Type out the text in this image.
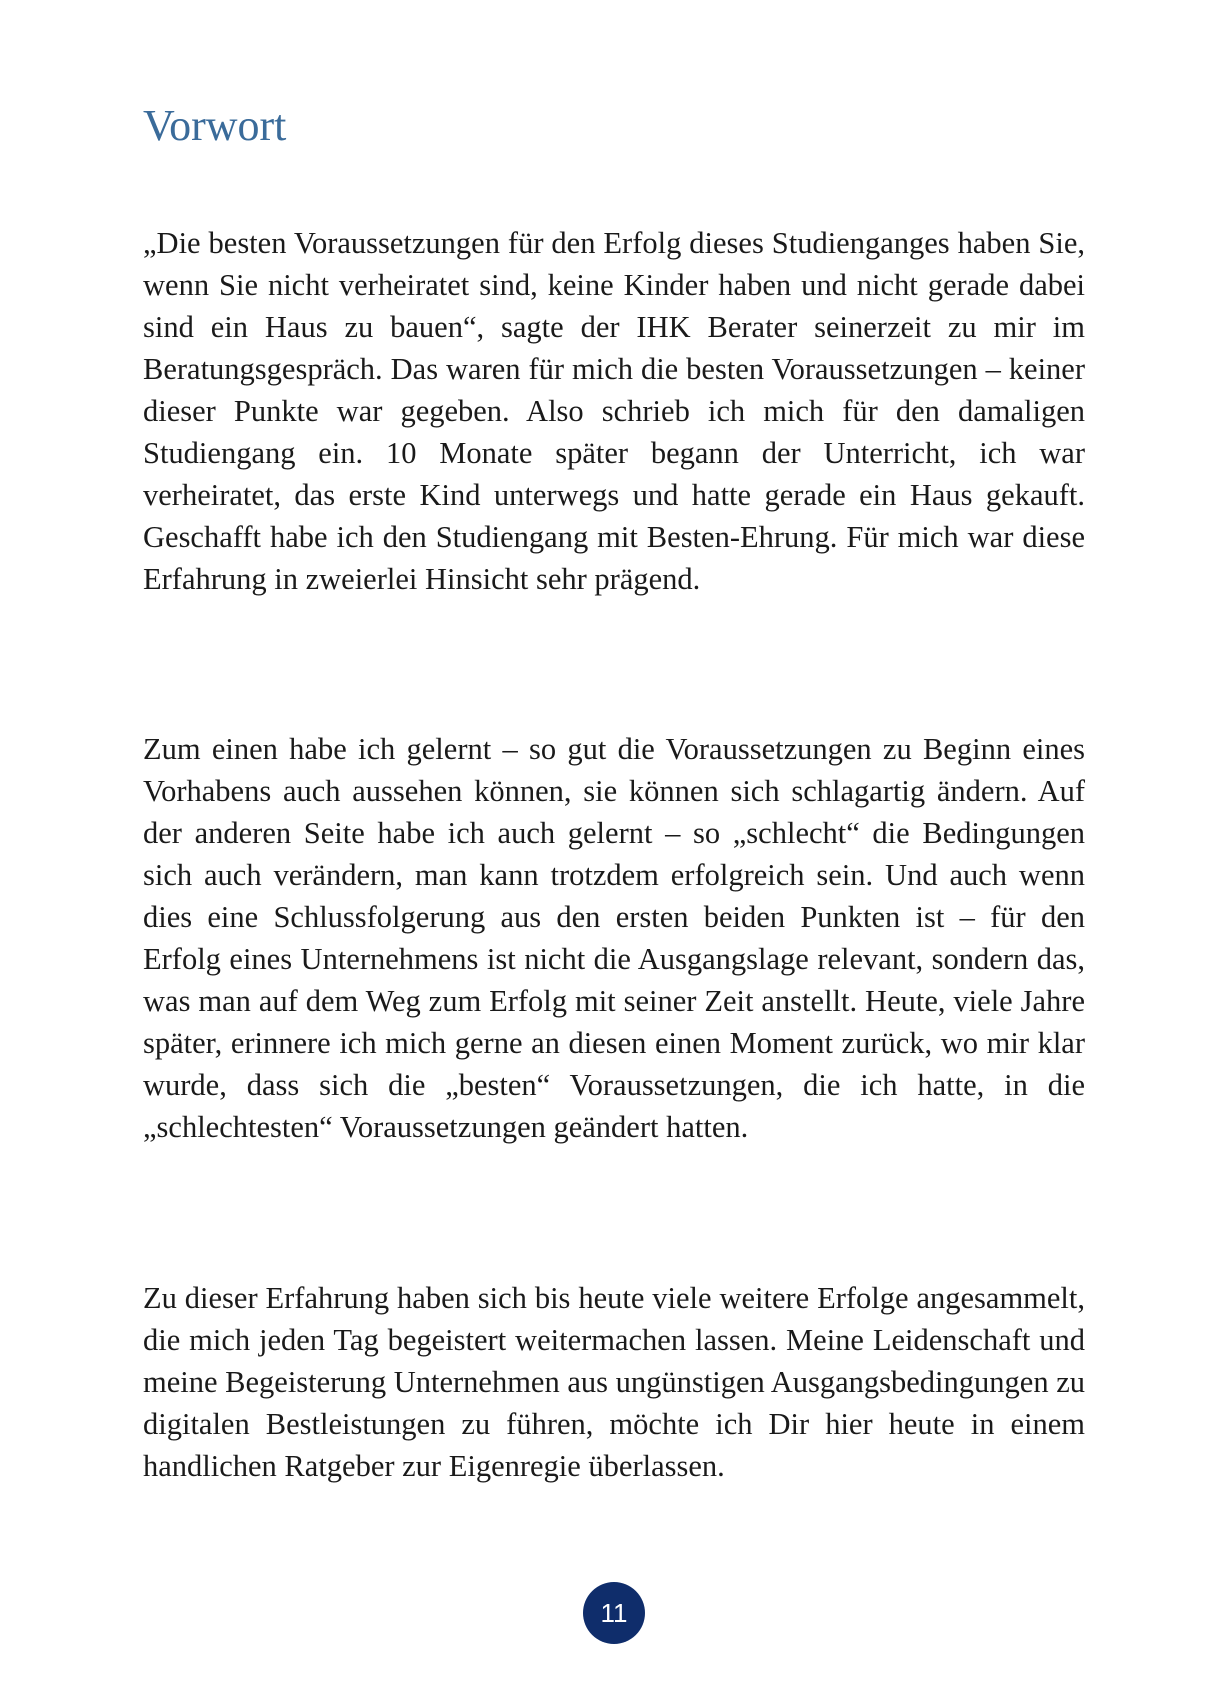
Vorwort

„Die besten Voraussetzungen für den Erfolg dieses Studienganges haben Sie, wenn Sie nicht verheiratet sind, keine Kinder haben und nicht gerade dabei sind ein Haus zu bauen“, sagte der IHK Berater seinerzeit zu mir im Beratungsgespräch. Das waren für mich die besten Voraussetzungen – keiner dieser Punkte war gegeben. Also schrieb ich mich für den damaligen Studiengang ein. 10 Monate später begann der Unterricht, ich war verheiratet, das erste Kind unterwegs und hatte gerade ein Haus gekauft. Geschafft habe ich den Studiengang mit Besten-Ehrung. Für mich war diese Erfahrung in zweierlei Hinsicht sehr prägend.

Zum einen habe ich gelernt – so gut die Voraussetzungen zu Beginn eines Vorhabens auch aussehen können, sie können sich schlagartig ändern. Auf der anderen Seite habe ich auch gelernt – so „schlecht“ die Bedingungen sich auch verändern, man kann trotzdem erfolgreich sein. Und auch wenn dies eine Schlussfolgerung aus den ersten beiden Punkten ist – für den Erfolg eines Unternehmens ist nicht die Ausgangslage relevant, sondern das, was man auf dem Weg zum Erfolg mit seiner Zeit anstellt. Heute, viele Jahre später, erinnere ich mich gerne an diesen einen Moment zurück, wo mir klar wurde, dass sich die „besten“ Voraussetzungen, die ich hatte, in die „schlechtesten“ Voraussetzungen geändert hatten.

Zu dieser Erfahrung haben sich bis heute viele weitere Erfolge angesammelt, die mich jeden Tag begeistert weitermachen lassen. Meine Leidenschaft und meine Begeisterung Unternehmen aus ungünstigen Ausgangsbedingungen zu digitalen Bestleistungen zu führen, möchte ich Dir hier heute in einem handlichen Ratgeber zur Eigenregie überlassen.

11
